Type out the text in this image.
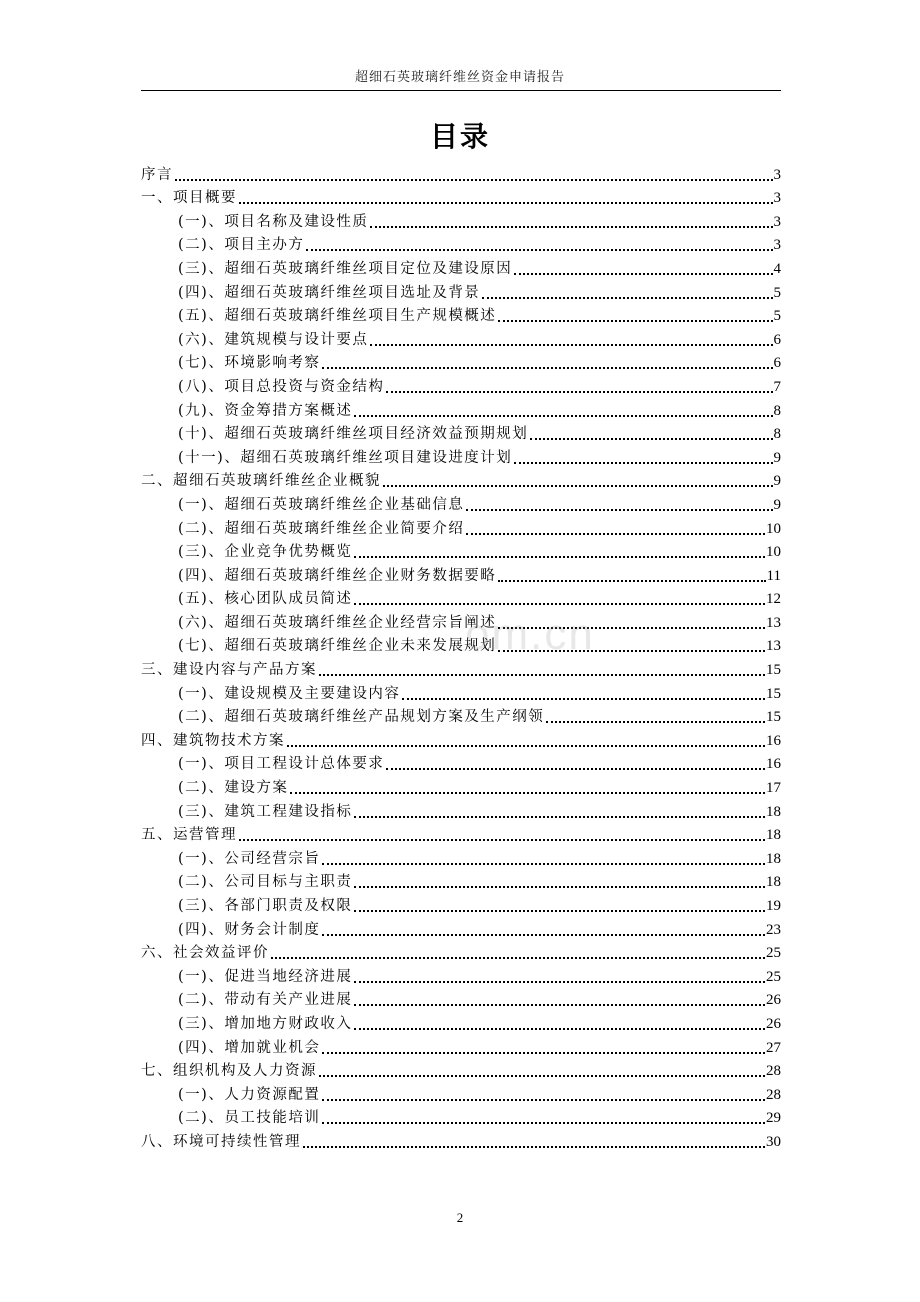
超细石英玻璃纤维丝资金申请报告
目录
序言	3
一、项目概要	3
(一)、项目名称及建设性质	3
(二)、项目主办方	3
(三)、超细石英玻璃纤维丝项目定位及建设原因	4
(四)、超细石英玻璃纤维丝项目选址及背景	5
(五)、超细石英玻璃纤维丝项目生产规模概述	5
(六)、建筑规模与设计要点	6
(七)、环境影响考察	6
(八)、项目总投资与资金结构	7
(九)、资金筹措方案概述	8
(十)、超细石英玻璃纤维丝项目经济效益预期规划	8
(十一)、超细石英玻璃纤维丝项目建设进度计划	9
二、超细石英玻璃纤维丝企业概貌	9
(一)、超细石英玻璃纤维丝企业基础信息	9
(二)、超细石英玻璃纤维丝企业简要介绍	10
(三)、企业竞争优势概览	10
(四)、超细石英玻璃纤维丝企业财务数据要略	11
(五)、核心团队成员简述	12
(六)、超细石英玻璃纤维丝企业经营宗旨阐述	13
(七)、超细石英玻璃纤维丝企业未来发展规划	13
三、建设内容与产品方案	15
(一)、建设规模及主要建设内容	15
(二)、超细石英玻璃纤维丝产品规划方案及生产纲领	15
四、建筑物技术方案	16
(一)、项目工程设计总体要求	16
(二)、建设方案	17
(三)、建筑工程建设指标	18
五、运营管理	18
(一)、公司经营宗旨	18
(二)、公司目标与主职责	18
(三)、各部门职责及权限	19
(四)、财务会计制度	23
六、社会效益评价	25
(一)、促进当地经济进展	25
(二)、带动有关产业进展	26
(三)、增加地方财政收入	26
(四)、增加就业机会	27
七、组织机构及人力资源	28
(一)、人力资源配置	28
(二)、员工技能培训	29
八、环境可持续性管理	30
om.cn
2
